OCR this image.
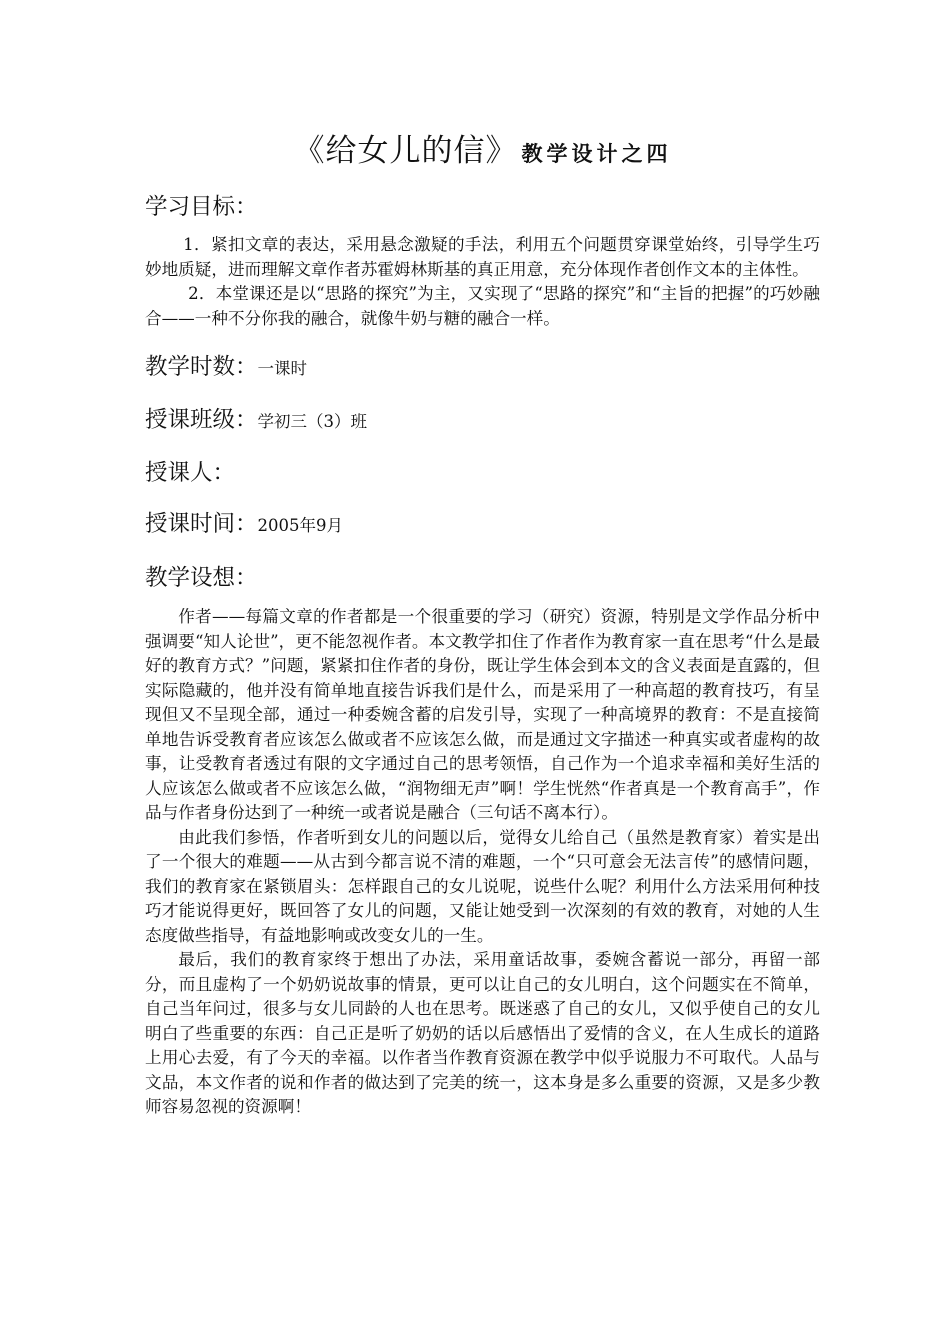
《给女儿的信》 教学设计之四
学习目标：

1．紧扣文章的表达，采用悬念激疑的手法，利用五个问题贯穿课堂始终，引导学生巧妙地质疑，进而理解文章作者苏霍姆林斯基的真正用意，充分体现作者创作文本的主体性。

2．本堂课还是以“思路的探究”为主，又实现了“思路的探究”和“主旨的把握”的巧妙融合——一种不分你我的融合，就像牛奶与糖的融合一样。

教学时数：一课时
授课班级：学初三（3）班
授课人：
授课时间：2005年9月
教学设想：

作者——每篇文章的作者都是一个很重要的学习（研究）资源，特别是文学作品分析中强调要“知人论世”，更不能忽视作者。本文教学扣住了作者作为教育家一直在思考“什么是最好的教育方式？”问题，紧紧扣住作者的身份，既让学生体会到本文的含义表面是直露的，但实际隐藏的，他并没有简单地直接告诉我们是什么，而是采用了一种高超的教育技巧，有呈现但又不呈现全部，通过一种委婉含蓄的启发引导，实现了一种高境界的教育：不是直接简单地告诉受教育者应该怎么做或者不应该怎么做，而是通过文字描述一种真实或者虚构的故事，让受教育者透过有限的文字通过自己的思考领悟，自己作为一个追求幸福和美好生活的人应该怎么做或者不应该怎么做，“润物细无声”啊！学生恍然“作者真是一个教育高手”，作品与作者身份达到了一种统一或者说是融合（三句话不离本行）。

由此我们参悟，作者听到女儿的问题以后，觉得女儿给自己（虽然是教育家）着实是出了一个很大的难题——从古到今都言说不清的难题，一个“只可意会无法言传”的感情问题，我们的教育家在紧锁眉头：怎样跟自己的女儿说呢，说些什么呢？利用什么方法采用何种技巧才能说得更好，既回答了女儿的问题，又能让她受到一次深刻的有效的教育，对她的人生态度做些指导，有益地影响或改变女儿的一生。

最后，我们的教育家终于想出了办法，采用童话故事，委婉含蓄说一部分，再留一部分，而且虚构了一个奶奶说故事的情景，更可以让自己的女儿明白，这个问题实在不简单，自己当年问过，很多与女儿同龄的人也在思考。既迷惑了自己的女儿，又似乎使自己的女儿明白了些重要的东西：自己正是听了奶奶的话以后感悟出了爱情的含义，在人生成长的道路上用心去爱，有了今天的幸福。以作者当作教育资源在教学中似乎说服力不可取代。人品与文品，本文作者的说和作者的做达到了完美的统一，这本身是多么重要的资源，又是多少教师容易忽视的资源啊！
